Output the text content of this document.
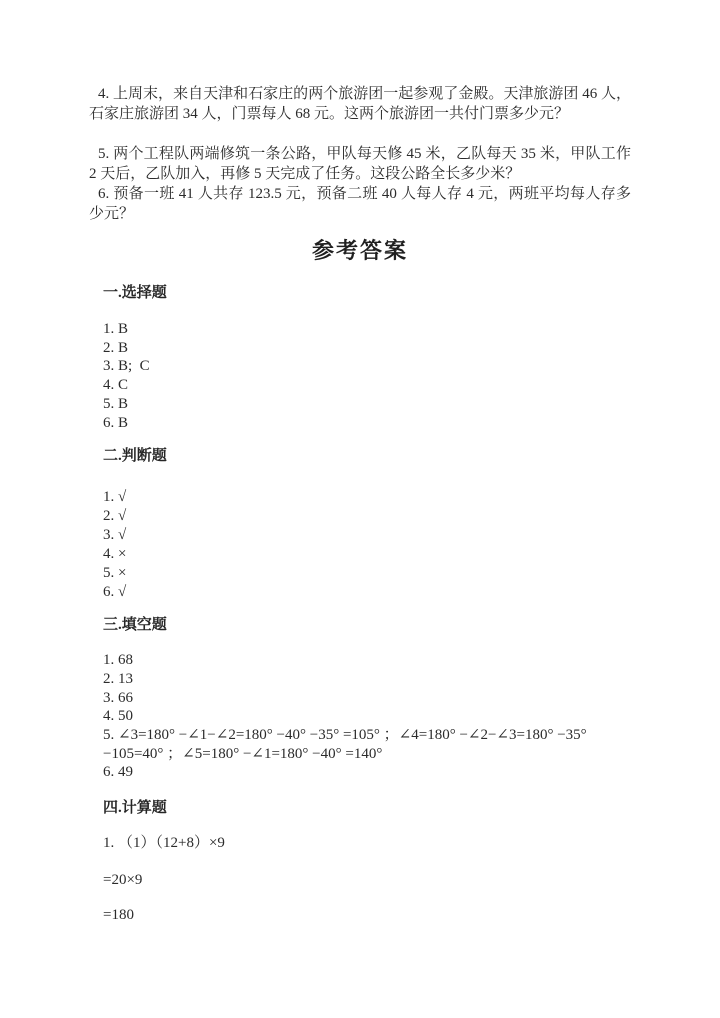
4. 上周末，来自天津和石家庄的两个旅游团一起参观了金殿。天津旅游团 46 人，石家庄旅游团 34 人，门票每人 68 元。这两个旅游团一共付门票多少元？

5. 两个工程队两端修筑一条公路，甲队每天修 45 米，乙队每天 35 米，甲队工作 2 天后，乙队加入，再修 5 天完成了任务。这段公路全长多少米？

6. 预备一班 41 人共存 123.5 元，预备二班 40 人每人存 4 元，两班平均每人存多少元？

参考答案
一.选择题
1. B
2. B
3. B;  C
4. C
5. B
6. B
二.判断题
1. √
2. √
3. √
4. ×
5. ×
6. √
三.填空题
1. 68
2. 13
3. 66
4. 50
5. ∠3=180° −∠1−∠2=180° −40° −35° =105° ；∠4=180° −∠2−∠3=180° −35° −105=40° ；∠5=180° −∠1=180° −40° =140°
6. 49
四.计算题

1. （1）（12+8）×9

=20×9

=180
